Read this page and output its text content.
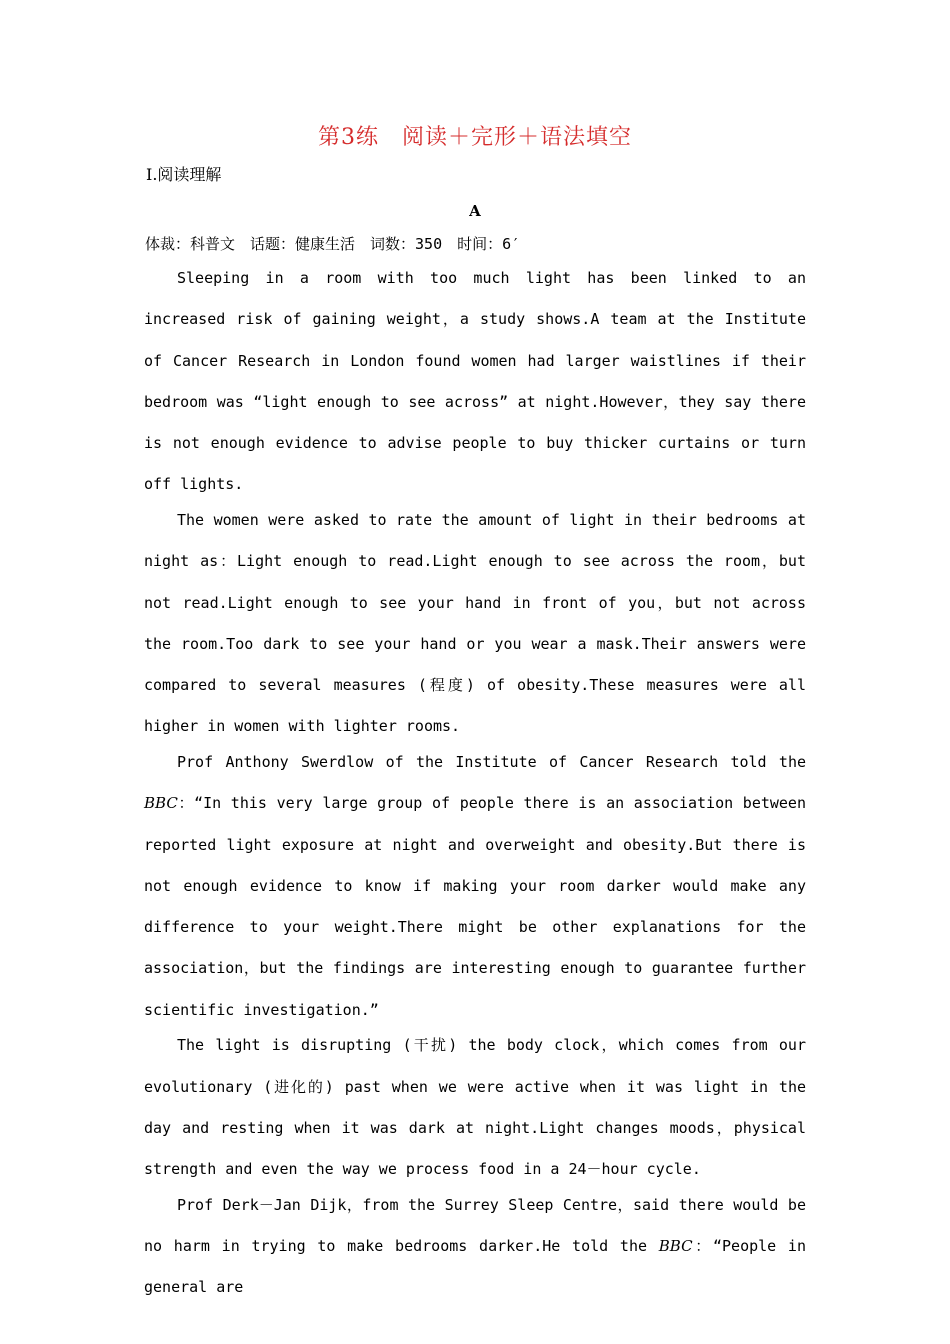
第3练　阅读＋完形＋语法填空
Ⅰ.阅读理解
A
体裁：科普文　话题：健康生活　词数：350　时间：6′

Sleeping in a room with too much light has been linked to an increased risk of gaining weight，a study shows.A team at the Institute of Cancer Research in London found women had larger waistlines if their bedroom was “light enough to see across” at night.However，they say there is not enough evidence to advise people to buy thicker curtains or turn off lights.

The women were asked to rate the amount of light in their bedrooms at night as：Light enough to read.Light enough to see across the room，but not read.Light enough to see your hand in front of you，but not across the room.Too dark to see your hand or you wear a mask.Their answers were compared to several measures (程度) of obesity.These measures were all higher in women with lighter rooms.

Prof Anthony Swerdlow of the Institute of Cancer Research told the BBC：“In this very large group of people there is an association between reported light exposure at night and overweight and obesity.But there is not enough evidence to know if making your room darker would make any difference to your weight.There might be other explanations for the association，but the findings are interesting enough to guarantee further scientific investigation.”

The light is disrupting (干扰) the body clock，which comes from our evolutionary (进化的) past when we were active when it was light in the day and resting when it was dark at night.Light changes moods，physical strength and even the way we process food in a 24－hour cycle.

Prof Derk－Jan Dijk，from the Surrey Sleep Centre，said there would be no harm in trying to make bedrooms darker.He told the BBC：“People in general are
